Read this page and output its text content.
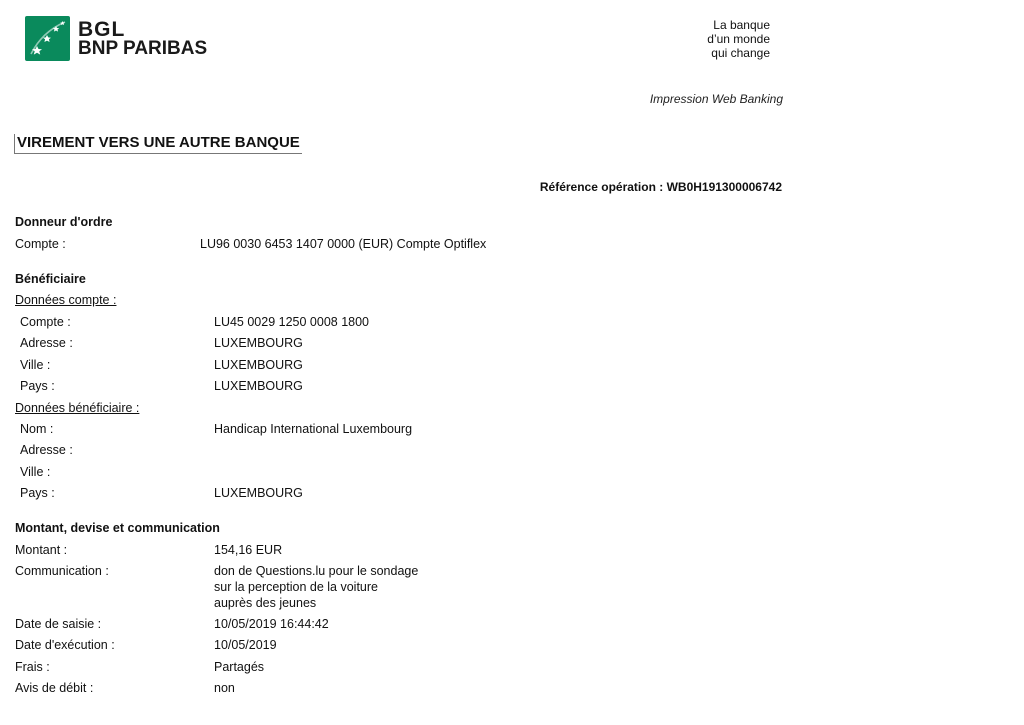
BGL
BNP PARIBAS
La banque
d’un monde
qui change
Impression Web Banking
VIREMENT VERS UNE AUTRE BANQUE
Référence opération : WB0H191300006742
Donneur d'ordre
Compte :	LU96 0030 6453 1407 0000 (EUR) Compte Optiflex
Bénéficiaire
Données compte :
Compte :	LU45 0029 1250 0008 1800
Adresse :	LUXEMBOURG
Ville :	LUXEMBOURG
Pays :	LUXEMBOURG
Données bénéficiaire :
Nom :	Handicap International Luxembourg
Adresse :
Ville :
Pays :	LUXEMBOURG
Montant, devise et communication
Montant :	154,16 EUR
Communication :	don de Questions.lu pour le sondage
sur la perception de la voiture
auprès des jeunes
Date de saisie :	10/05/2019 16:44:42
Date d'exécution :	10/05/2019
Frais :	Partagés
Avis de débit :	non
